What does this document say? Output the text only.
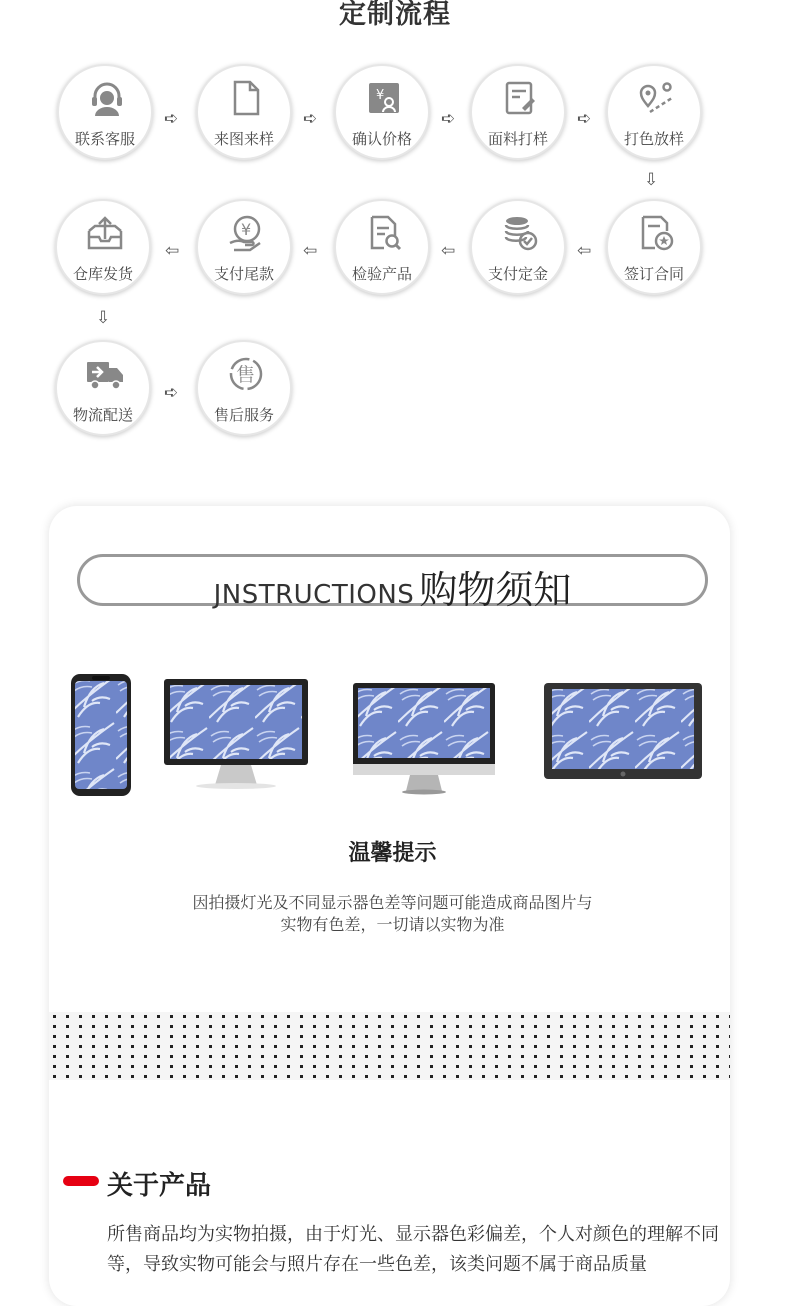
定制流程
联系客服
➪
来图来样
➪
¥
确认价格
➪
面料打样
➪
打色放样
⇩
签订合同
⇦
支付定金
⇦
检验产品
⇦
¥
支付尾款
⇦
仓库发货
⇩
物流配送
➪
售
售后服务
JNSTRUCTIONS 购物须知
温馨提示
因拍摄灯光及不同显示器色差等问题可能造成商品图片与
实物有色差，一切请以实物为准
关于产品
所售商品均为实物拍摄，由于灯光、显示器色彩偏差，个人对颜色的理解不同等，导致实物可能会与照片存在一些色差，该类问题不属于商品质量
